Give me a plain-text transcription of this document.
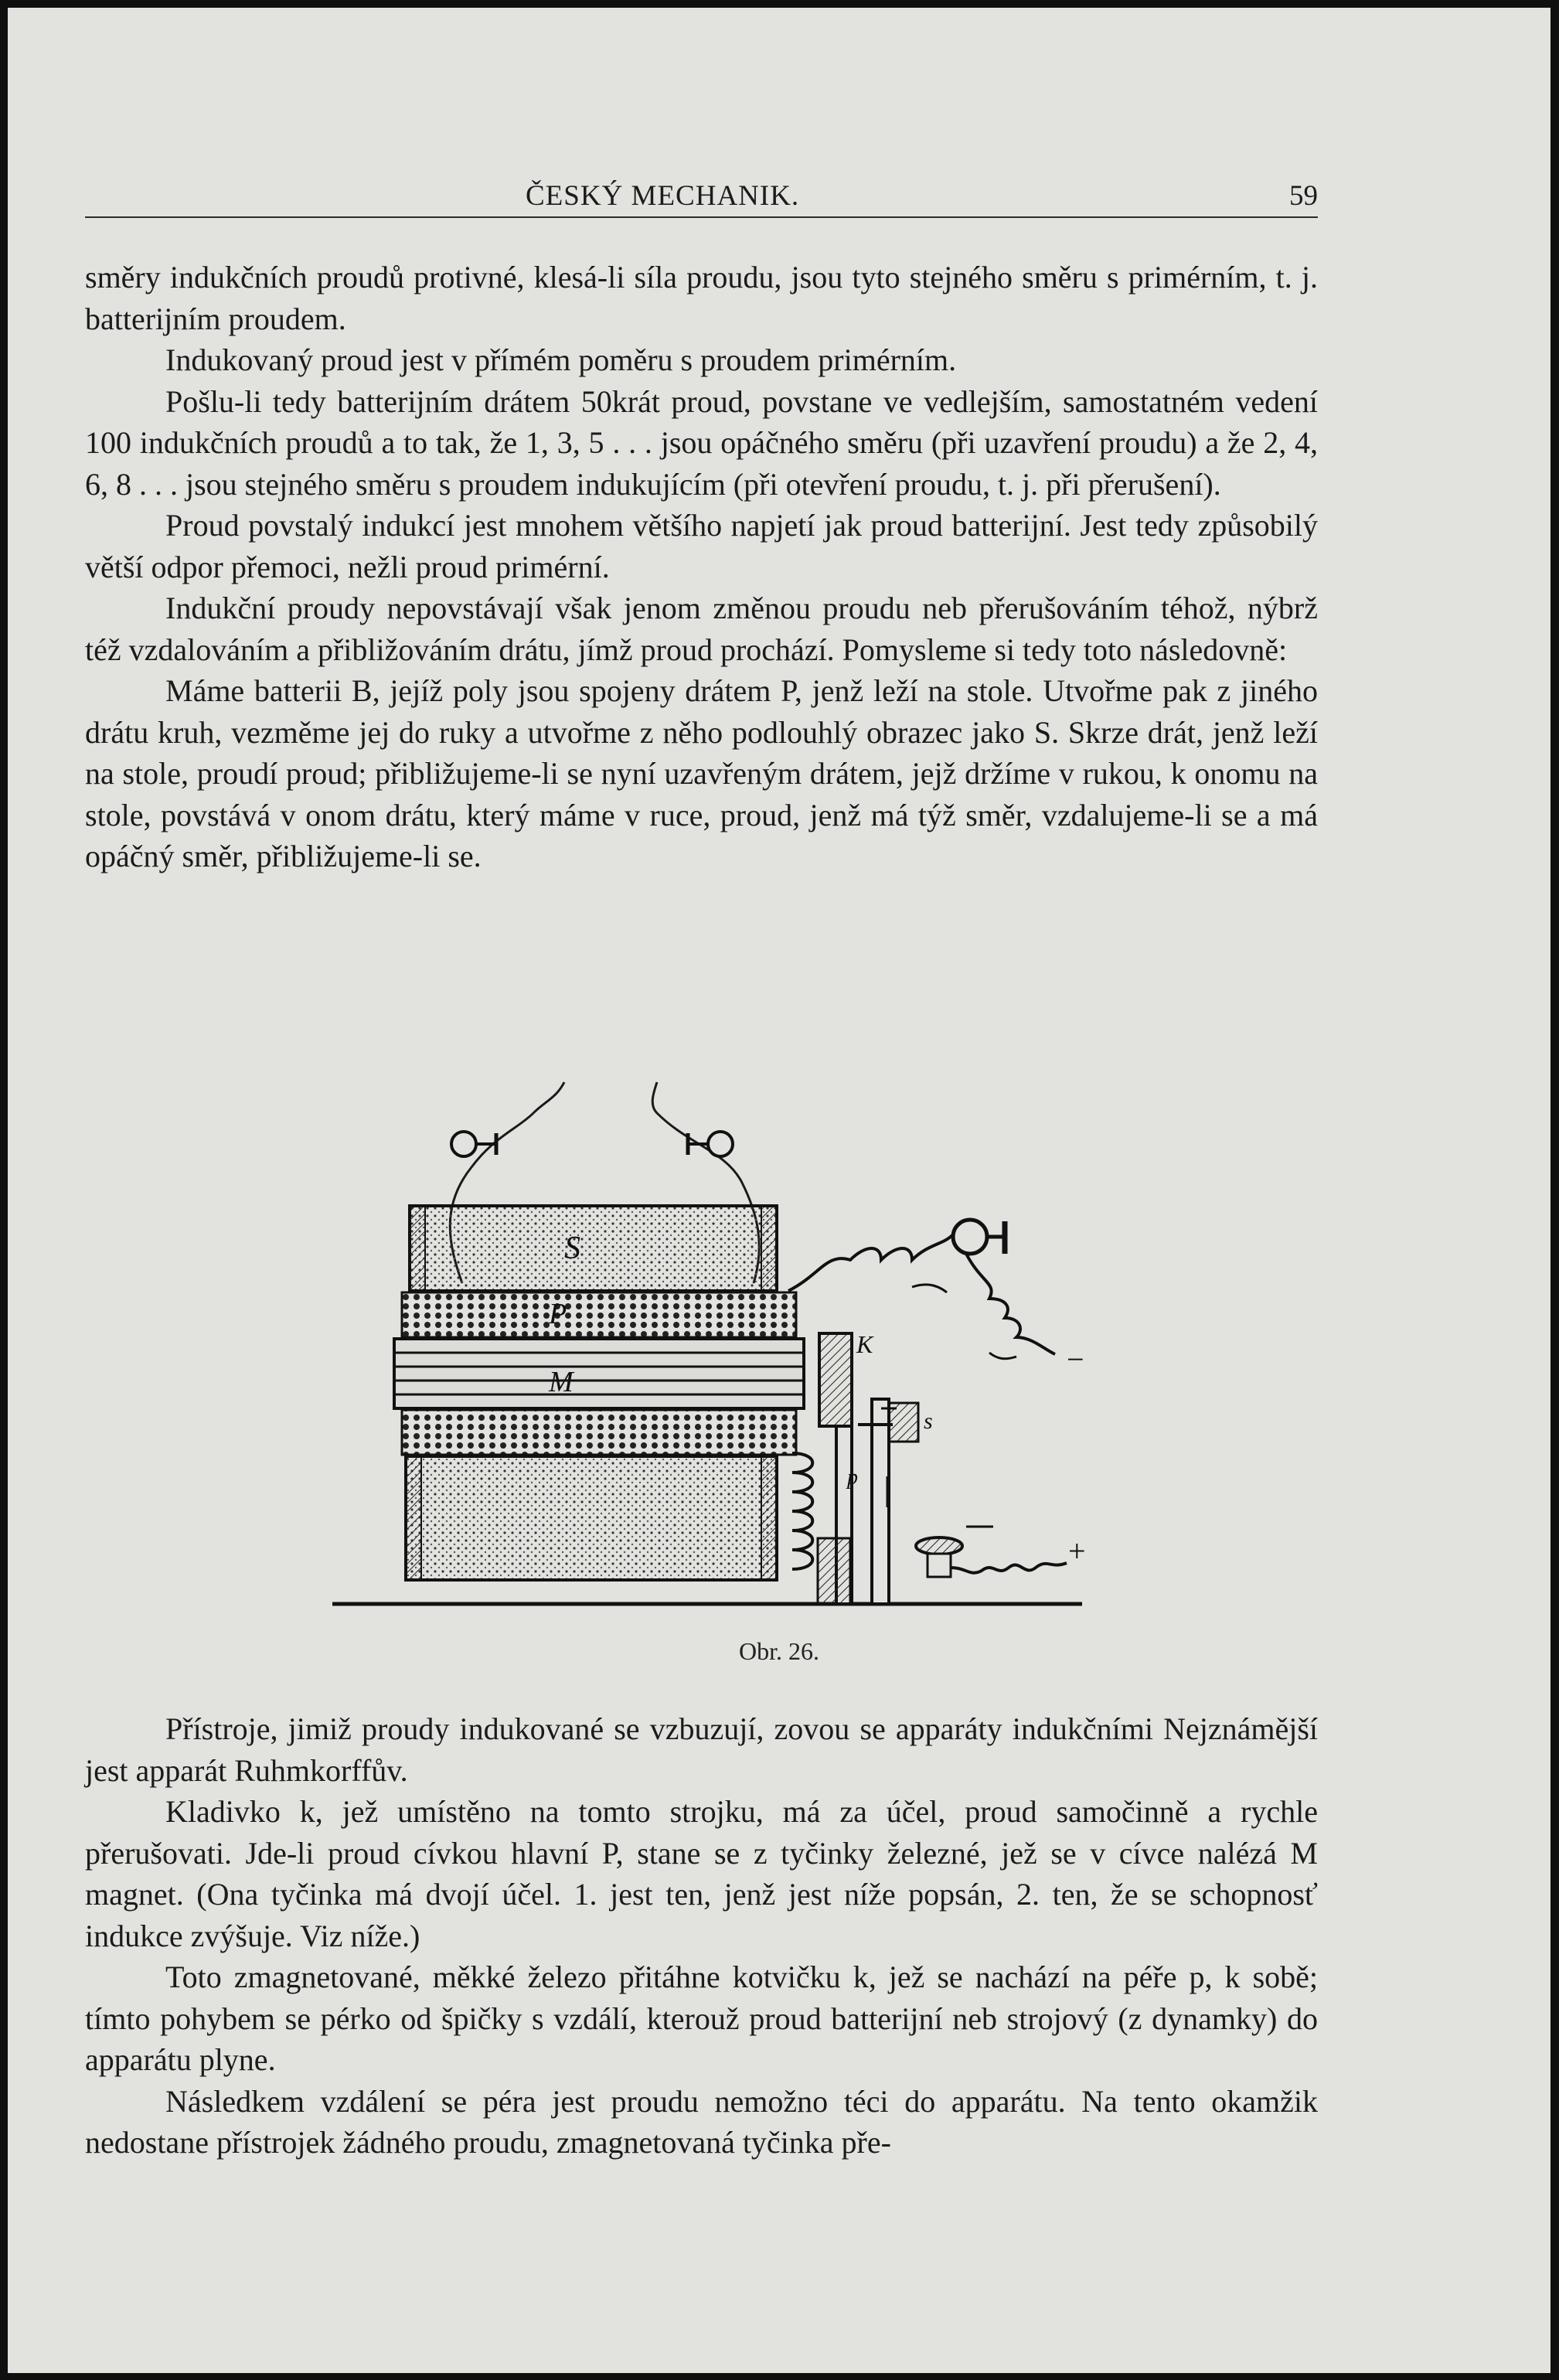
ČESKÝ MECHANIK.	59

směry indukčních proudů protivné, klesá-li síla proudu, jsou tyto stejného směru s primérním, t. j. batterijním proudem.

Indukovaný proud jest v přímém poměru s proudem primérním.

Pošlu-li tedy batterijním drátem 50krát proud, povstane ve vedlejším, samostatném vedení 100 indukčních proudů a to tak, že 1, 3, 5 . . . jsou opáčného směru (při uzavření proudu) a že 2, 4, 6, 8 . . . jsou stejného směru s proudem indukujícím (při otevření proudu, t. j. při přerušení).

Proud povstalý indukcí jest mnohem většího napjetí jak proud batterijní. Jest tedy způsobilý větší odpor přemoci, nežli proud primérní.

Indukční proudy nepovstávají však jenom změnou proudu neb přerušováním téhož, nýbrž též vzdalováním a přibližováním drátu, jímž proud prochází. Pomysleme si tedy toto následovně:

Máme batterii B, jejíž poly jsou spojeny drátem P, jenž leží na stole. Utvořme pak z jiného drátu kruh, vezměme jej do ruky a utvořme z něho podlouhlý obrazec jako S. Skrze drát, jenž leží na stole, proudí proud; přibližujeme-li se nyní uzavřeným drátem, jejž držíme v rukou, k onomu na stole, povstává v onom drátu, který máme v ruce, proud, jenž má týž směr, vzdalujeme-li se a má opáčný směr, přibližujeme-li se.

S
P
M
K
s
p
−
+
Obr. 26.

Přístroje, jimiž proudy indukované se vzbuzují, zovou se apparáty indukčními Nejznámější jest apparát Ruhmkorffův.

Kladivko k, jež umístěno na tomto strojku, má za účel, proud samočinně a rychle přerušovati. Jde-li proud cívkou hlavní P, stane se z tyčinky železné, jež se v cívce nalézá M magnet. (Ona tyčinka má dvojí účel. 1. jest ten, jenž jest níže popsán, 2. ten, že se schopnosť indukce zvýšuje. Viz níže.)

Toto zmagnetované, měkké železo přitáhne kotvičku k, jež se nachází na péře p, k sobě; tímto pohybem se pérko od špičky s vzdálí, kterouž proud batterijní neb strojový (z dynamky) do apparátu plyne.

Následkem vzdálení se péra jest proudu nemožno téci do apparátu. Na tento okamžik nedostane přístrojek žádného proudu, zmagnetovaná tyčinka pře-
